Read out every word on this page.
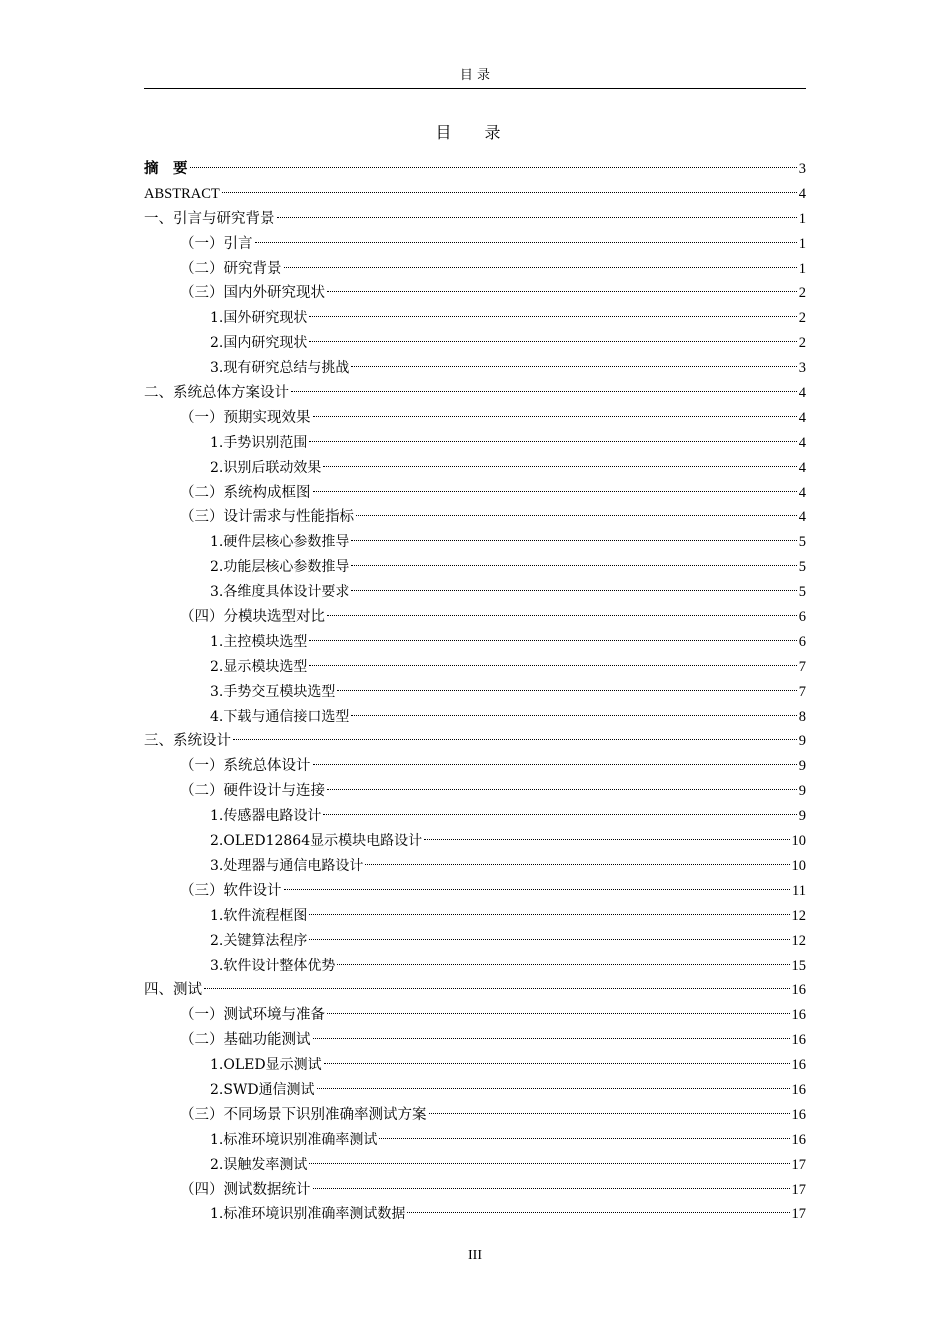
目 录
目 录
摘　要	3
ABSTRACT	4
一、引言与研究背景	1
（一）引言	1
（二）研究背景	1
（三）国内外研究现状	2
1.国外研究现状	2
2.国内研究现状	2
3.现有研究总结与挑战	3
二、系统总体方案设计	4
（一）预期实现效果	4
1.手势识别范围	4
2.识别后联动效果	4
（二）系统构成框图	4
（三）设计需求与性能指标	4
1.硬件层核心参数推导	5
2.功能层核心参数推导	5
3.各维度具体设计要求	5
（四）分模块选型对比	6
1.主控模块选型	6
2.显示模块选型	7
3.手势交互模块选型	7
4.下载与通信接口选型	8
三、系统设计	9
（一）系统总体设计	9
（二）硬件设计与连接	9
1.传感器电路设计	9
2.OLED12864显示模块电路设计	10
3.处理器与通信电路设计	10
（三）软件设计	11
1.软件流程框图	12
2.关键算法程序	12
3.软件设计整体优势	15
四、测试	16
（一）测试环境与准备	16
（二）基础功能测试	16
1.OLED显示测试	16
2.SWD通信测试	16
（三）不同场景下识别准确率测试方案	16
1.标准环境识别准确率测试	16
2.误触发率测试	17
（四）测试数据统计	17
1.标准环境识别准确率测试数据	17
III
